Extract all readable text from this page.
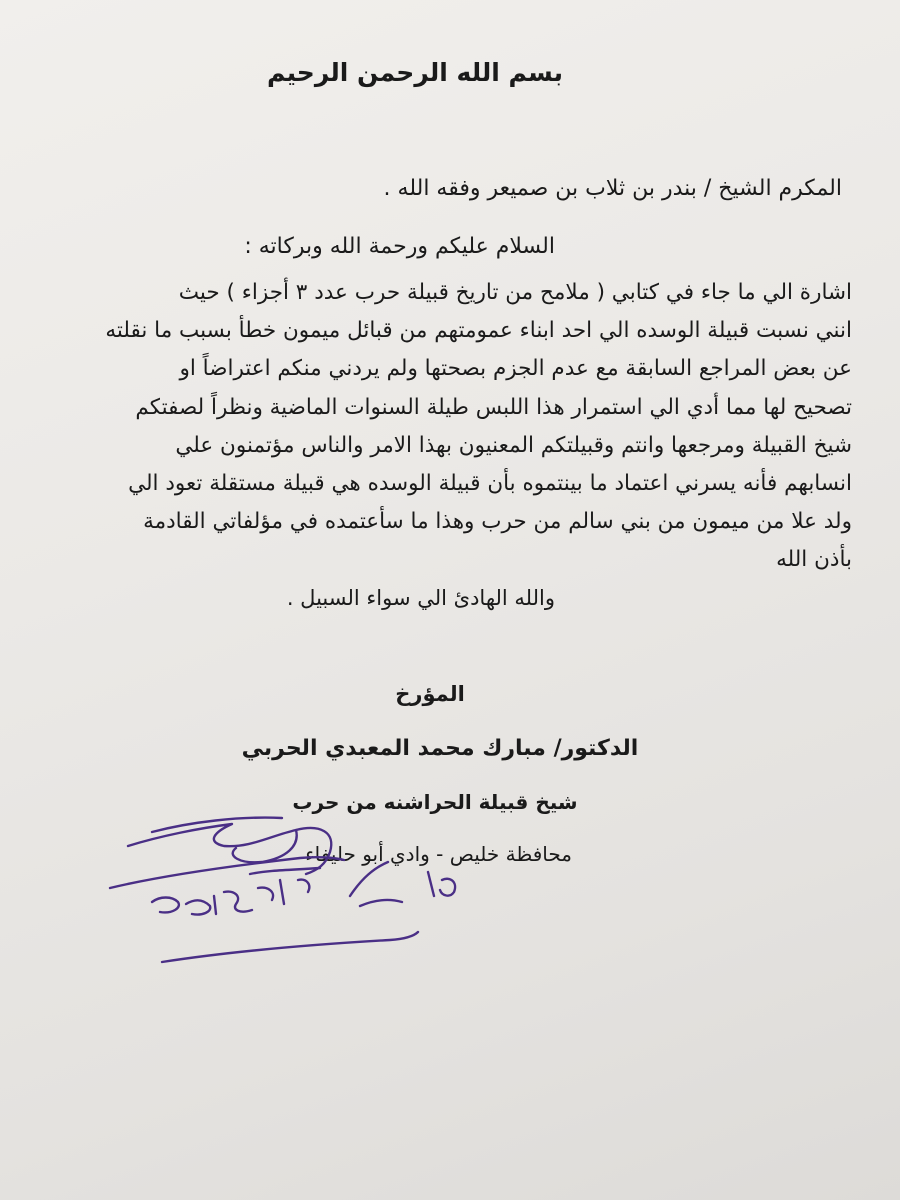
بسم الله الرحمن الرحيم

المكرم الشيخ / بندر بن ثلاب بن صميعر وفقه الله .

السلام عليكم ورحمة الله وبركاته :

اشارة الي ما جاء في كتابي ( ملامح من تاريخ قبيلة حرب عدد ٣ أجزاء ) حيث
انني نسبت قبيلة الوسده الي احد ابناء عمومتهم من قبائل ميمون خطأ بسبب ما نقلته
عن بعض المراجع السابقة مع عدم الجزم بصحتها ولم يردني منكم اعتراضاً او
تصحيح لها مما أدي الي استمرار هذا اللبس طيلة السنوات الماضية ونظراً لصفتكم
شيخ القبيلة ومرجعها وانتم وقبيلتكم المعنيون بهذا الامر والناس مؤتمنون علي
انسابهم فأنه يسرني اعتماد ما بينتموه بأن قبيلة الوسده هي قبيلة مستقلة تعود الي
ولد علا من ميمون من بني سالم من حرب وهذا ما سأعتمده في مؤلفاتي القادمة
بأذن الله

والله الهادئ الي سواء السبيل .

المؤرخ

الدكتور/ مبارك محمد المعبدي الحربي

شيخ قبيلة الحراشنه من حرب

محافظة خليص - وادي أبو حليفاء
